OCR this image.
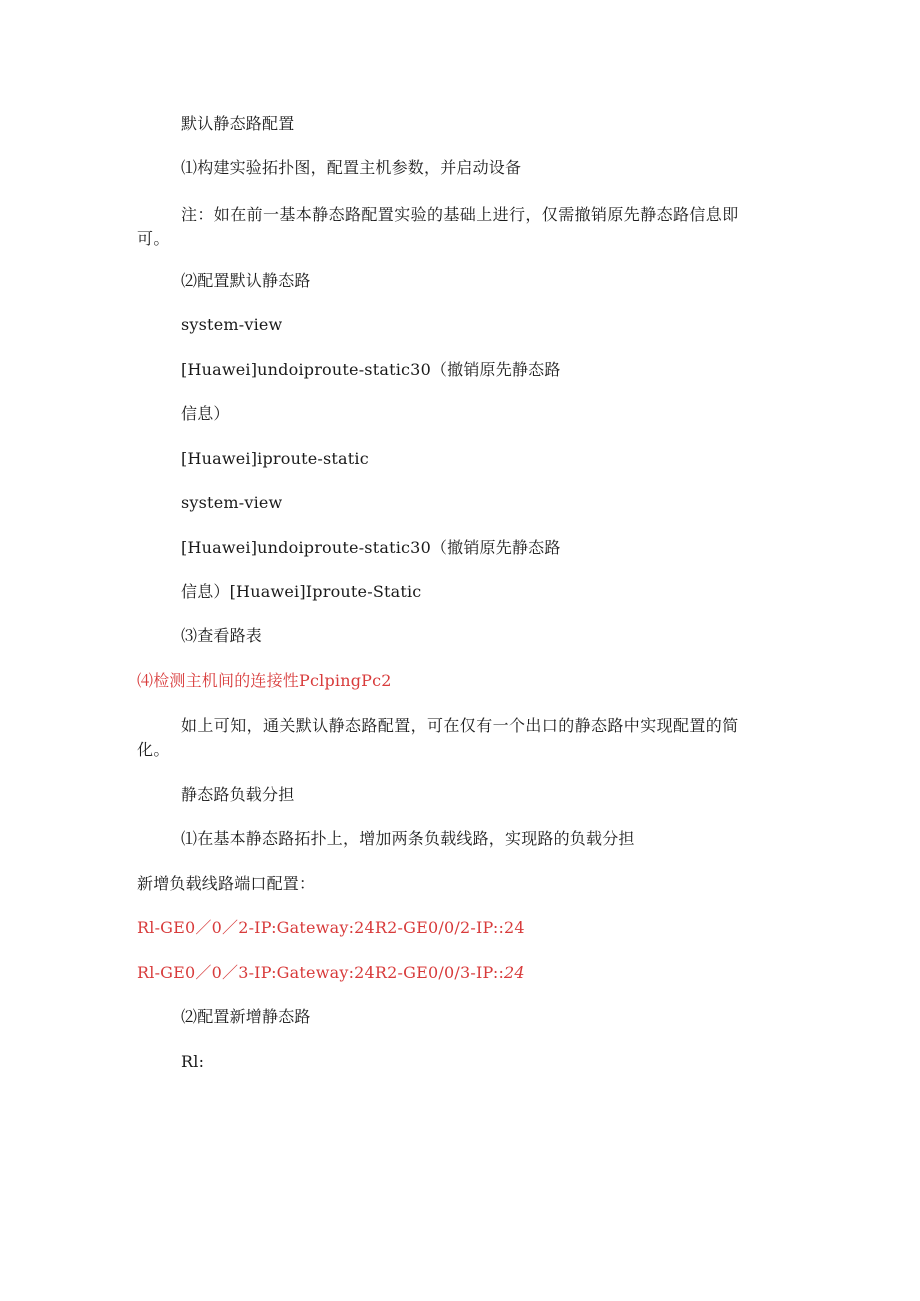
默认静态路配置
⑴构建实验拓扑图，配置主机参数，并启动设备
注：如在前一基本静态路配置实验的基础上进行，仅需撤销原先静态路信息即可。
⑵配置默认静态路
system-view
[Huawei]undoiproute-static30（撤销原先静态路
信息）
[Huawei]iproute-static
system-view
[Huawei]undoiproute-static30（撤销原先静态路
信息）[Huawei]Iproute-Static
⑶查看路表
⑷检测主机间的连接性PclpingPc2
如上可知，通关默认静态路配置，可在仅有一个出口的静态路中实现配置的简化。
静态路负载分担
⑴在基本静态路拓扑上，增加两条负载线路，实现路的负载分担
新增负载线路端口配置：
Rl-GE0／0／2-IP:Gateway:24R2-GE0/0/2-IP::24
Rl-GE0／0／3-IP:Gateway:24R2-GE0/0/3-IP::24
⑵配置新增静态路
Rl:
